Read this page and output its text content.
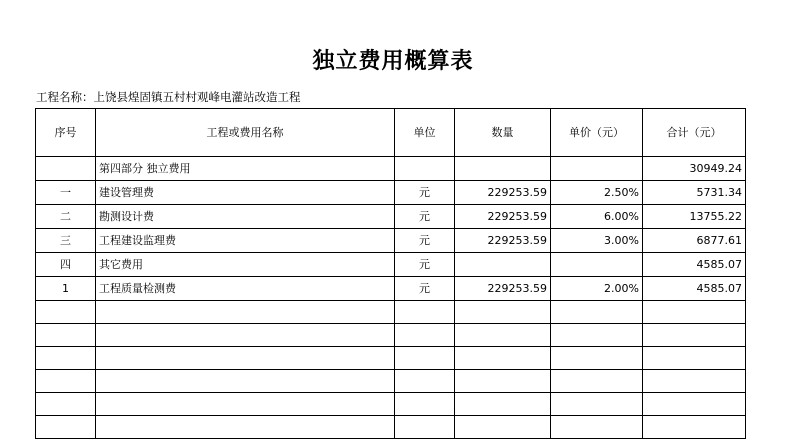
独立费用概算表
工程名称：上饶县煌固镇五村村观峰电灌站改造工程
序号	工程或费用名称	单位	数量	单价（元）	合计（元）
	第四部分 独立费用				30949.24
一	建设管理费	元	229253.59	2.50%	5731.34
二	勘测设计费	元	229253.59	6.00%	13755.22
三	工程建设监理费	元	229253.59	3.00%	6877.61
四	其它费用	元			4585.07
1	工程质量检测费	元	229253.59	2.00%	4585.07
